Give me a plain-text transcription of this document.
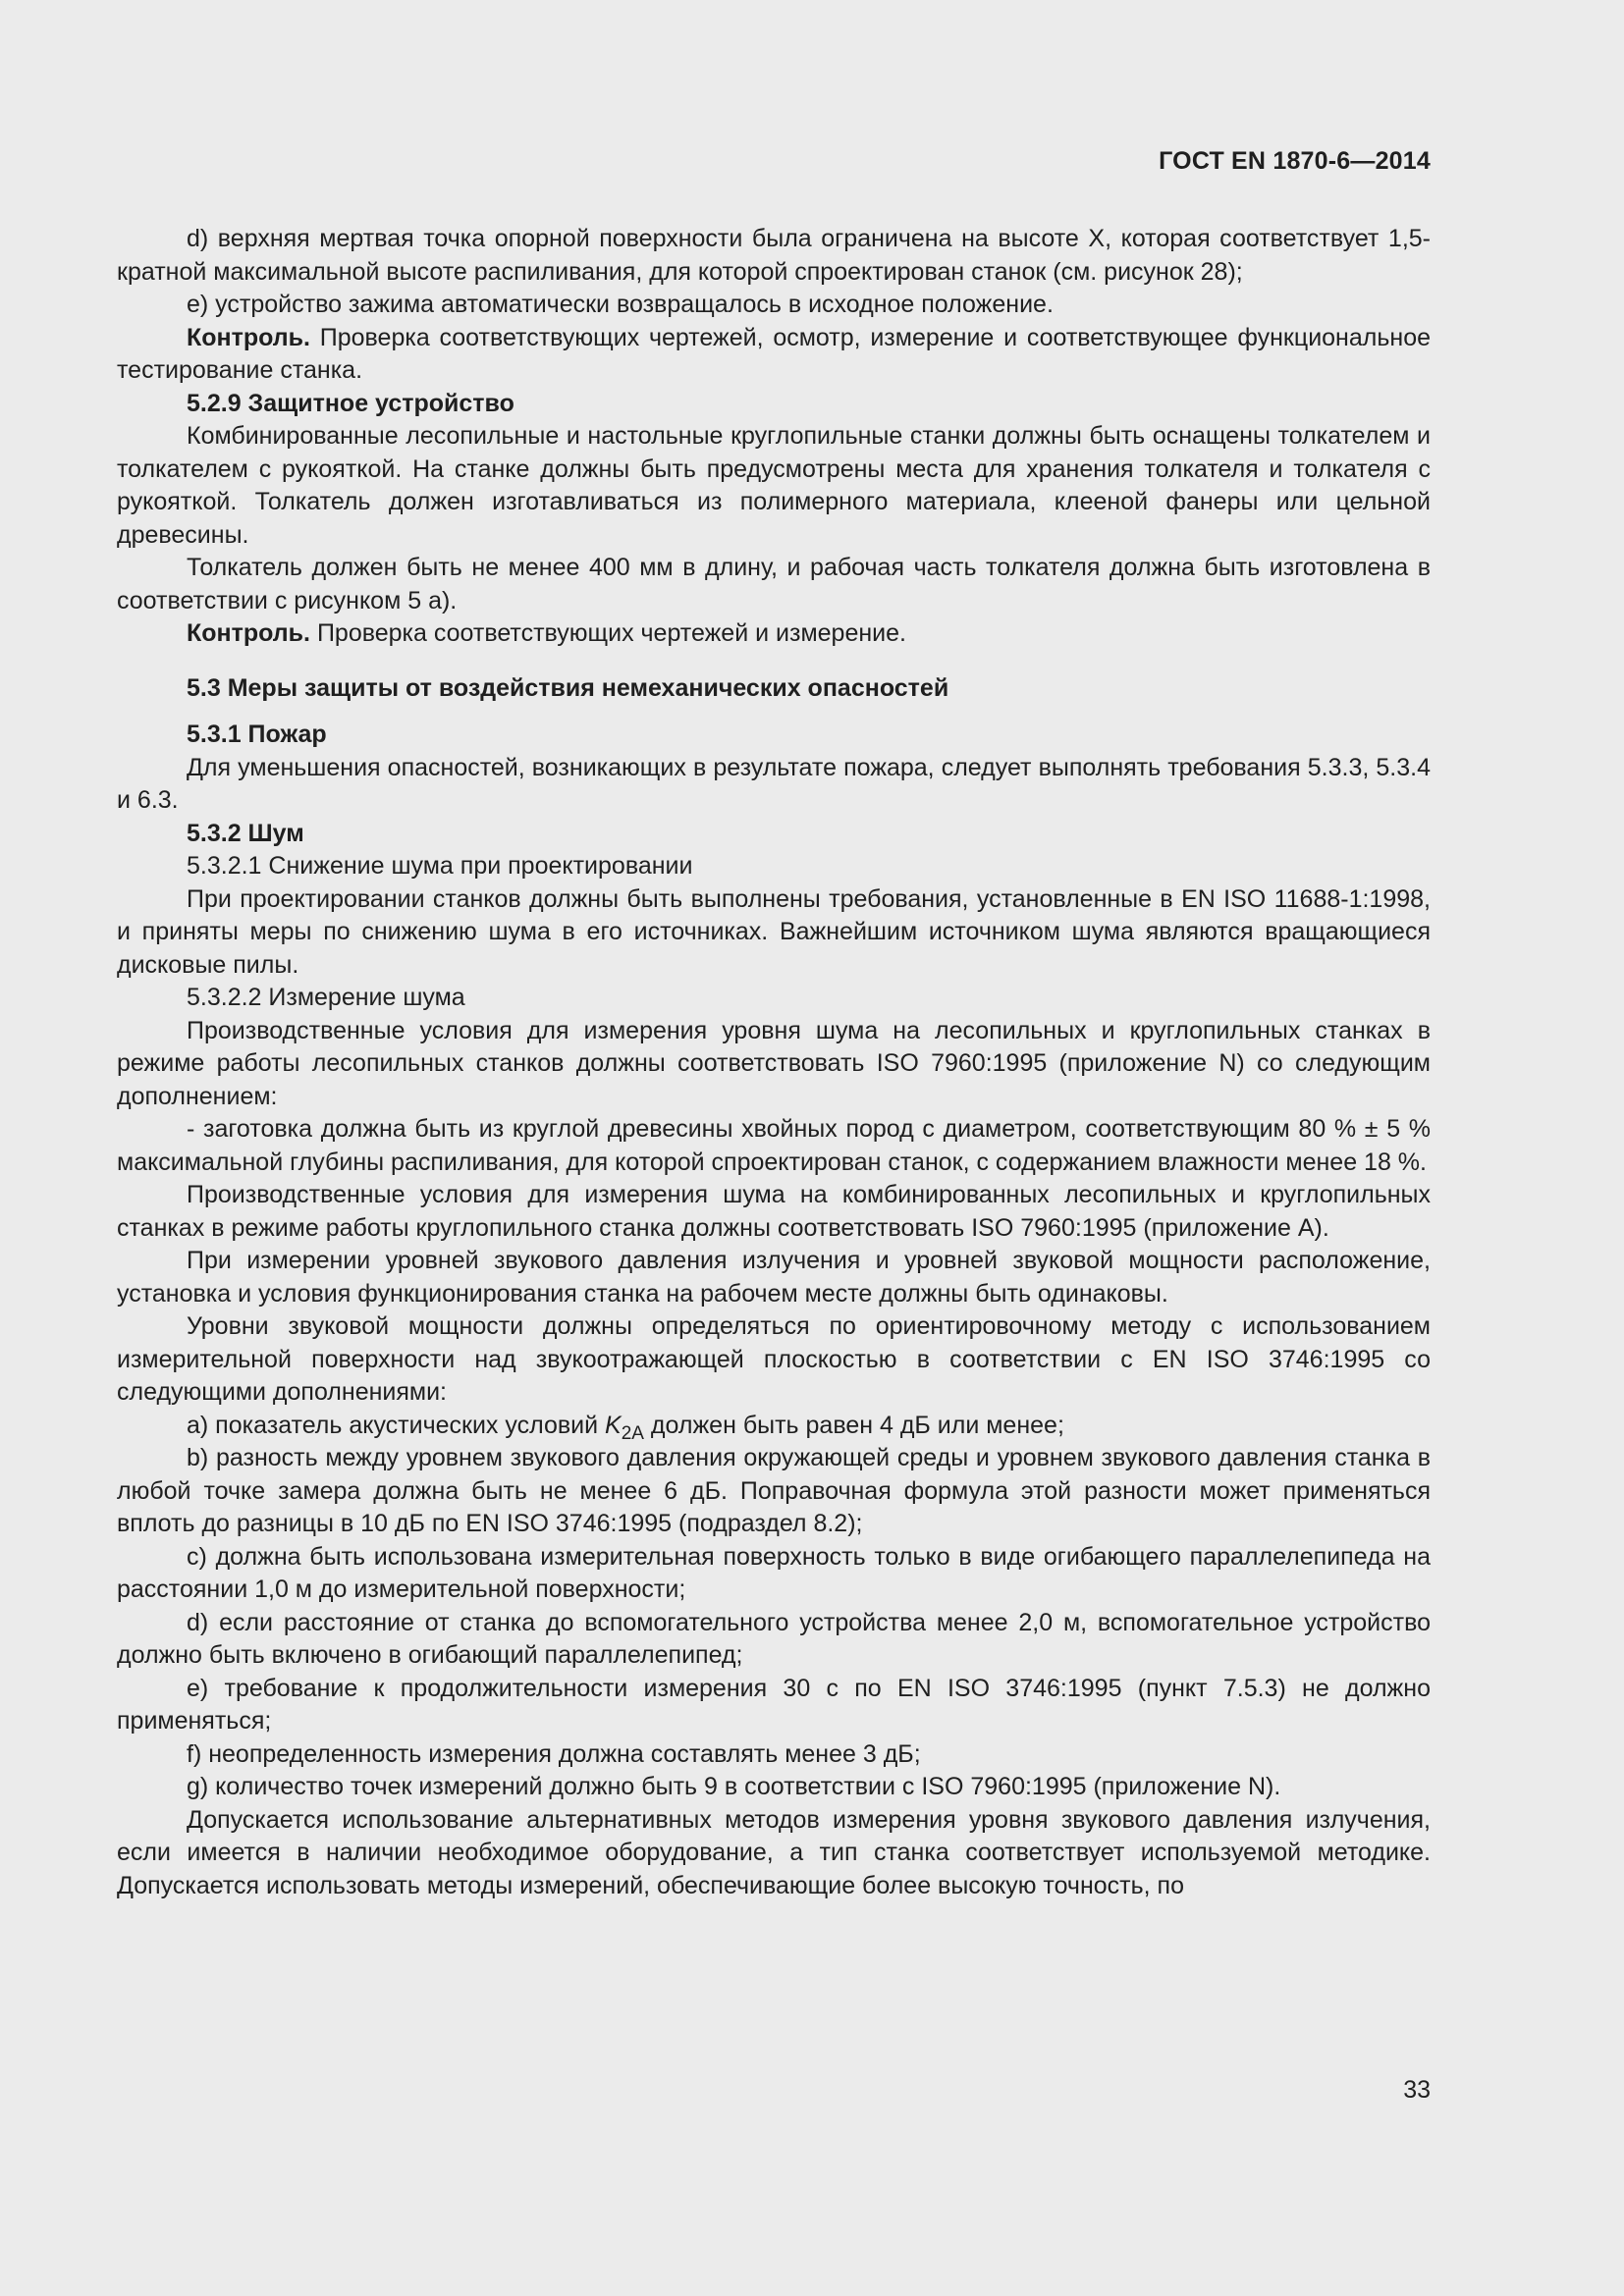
ГОСТ EN 1870-6—2014

d) верхняя мертвая точка опорной поверхности была ограничена на высоте Х, которая соответствует 1,5-кратной максимальной высоте распиливания, для которой спроектирован станок (см. рисунок 28);

е) устройство зажима автоматически возвращалось в исходное положение.

Контроль. Проверка соответствующих чертежей, осмотр, измерение и соответствующее функциональное тестирование станка.

5.2.9 Защитное устройство

Комбинированные лесопильные и настольные круглопильные станки должны быть оснащены толкателем и толкателем с рукояткой. На станке должны быть предусмотрены места для хранения толкателя и толкателя с рукояткой. Толкатель должен изготавливаться из полимерного материала, клееной фанеры или цельной древесины.

Толкатель должен быть не менее 400 мм в длину, и рабочая часть толкателя должна быть изготовлена в соответствии с рисунком 5 а).

Контроль. Проверка соответствующих чертежей и измерение.

5.3 Меры защиты от воздействия немеханических опасностей

5.3.1 Пожар

Для уменьшения опасностей, возникающих в результате пожара, следует выполнять требования 5.3.3, 5.3.4 и 6.3.

5.3.2 Шум

5.3.2.1 Снижение шума при проектировании

При проектировании станков должны быть выполнены требования, установленные в EN ISO 11688-1:1998, и приняты меры по снижению шума в его источниках. Важнейшим источником шума являются вращающиеся дисковые пилы.

5.3.2.2 Измерение шума

Производственные условия для измерения уровня шума на лесопильных и круглопильных станках в режиме работы лесопильных станков должны соответствовать ISO 7960:1995 (приложение N) со следующим дополнением:

- заготовка должна быть из круглой древесины хвойных пород с диаметром, соответствующим 80 % ± 5 % максимальной глубины распиливания, для которой спроектирован станок, с содержанием влажности менее 18 %.

Производственные условия для измерения шума на комбинированных лесопильных и круглопильных станках в режиме работы круглопильного станка должны соответствовать ISO 7960:1995 (приложение А).

При измерении уровней звукового давления излучения и уровней звуковой мощности расположение, установка и условия функционирования станка на рабочем месте должны быть одинаковы.

Уровни звуковой мощности должны определяться по ориентировочному методу с использованием измерительной поверхности над звукоотражающей плоскостью в соответствии с EN ISO 3746:1995 со следующими дополнениями:

а) показатель акустических условий $K_{2A}$ должен быть равен 4 дБ или менее;

b) разность между уровнем звукового давления окружающей среды и уровнем звукового давления станка в любой точке замера должна быть не менее 6 дБ. Поправочная формула этой разности может применяться вплоть до разницы в 10 дБ по EN ISO 3746:1995 (подраздел 8.2);

с) должна быть использована измерительная поверхность только в виде огибающего параллелепипеда на расстоянии 1,0 м до измерительной поверхности;

d) если расстояние от станка до вспомогательного устройства менее 2,0 м, вспомогательное устройство должно быть включено в огибающий параллелепипед;

е) требование к продолжительности измерения 30 с по EN ISO 3746:1995 (пункт 7.5.3) не должно применяться;

f) неопределенность измерения должна составлять менее 3 дБ;

g) количество точек измерений должно быть 9 в соответствии с ISO 7960:1995 (приложение N).

Допускается использование альтернативных методов измерения уровня звукового давления излучения, если имеется в наличии необходимое оборудование, а тип станка соответствует используемой методике. Допускается использовать методы измерений, обеспечивающие более высокую точность, по

33
